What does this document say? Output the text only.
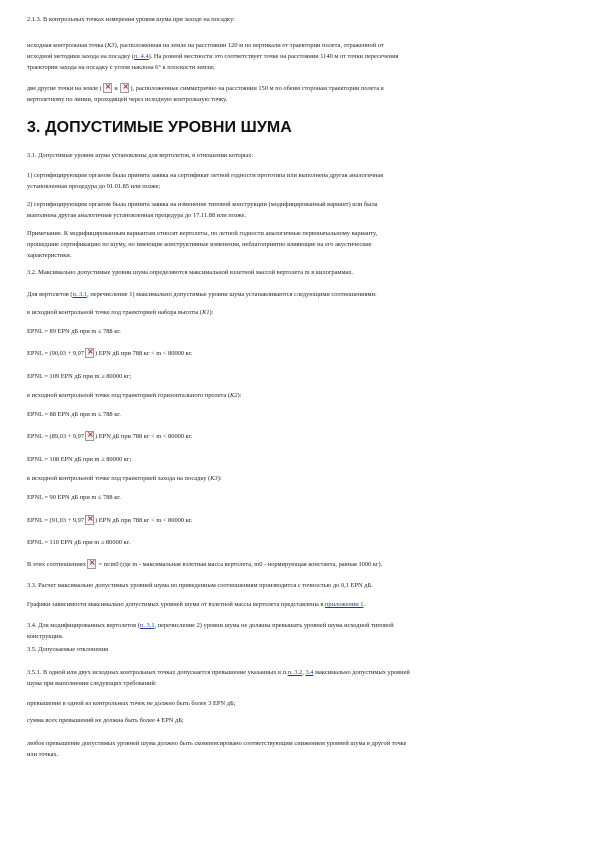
2.1.3. В контрольных точках измерения уровня шума при заходе на посадку:

исходная контрольная точка (К3), расположенная на земле на расстоянии 120 м по вертикали от траектории полета, отраженной от
исходной методики захода на посадку (п. 4.4). На ровной местности это соответствует точке на расстоянии 1140 м от точки пересечения
траектории захода на посадку с углом наклона 6° к плоскости земли;

две другие точки на земле (× и ×), расположенные симметрично на расстоянии 150 м по обеим сторонам траектории полета к
вертолетному по линии, проходящей через исходную контрольную точку.

3. ДОПУСТИМЫЕ УРОВНИ ШУМА

3.1. Допустимые уровни шума установлены для вертолетов, в отношении которых:

1) сертифицирующим органом была принята заявка на сертификат летной годности прототипа или выполнена другая аналогичная
установленная процедура до 01.01.85 или позже;

2) сертифицирующим органом была принята заявка на изменение типовой конструкции (модифицированный вариант) или была
выполнена другая аналогичная установленная процедура до 17.11.88 или позже.

Примечание. К модифицированным вариантам относят вертолеты, по летной годности аналогичные первоначальному варианту,
прошедшие сертификацию по шуму, но имеющие конструктивные изменения, неблагоприятно влияющие на его акустические
характеристики.

3.2. Максимально допустимые уровни шума определяются максимальной взлетной массой вертолета m в килограммах.

Для вертолетов (п. 3.1, перечисление 1) максимально допустимые уровни шума устанавливаются следующими соотношениями:

в исходной контрольной точке под траекторией набора высоты (К1):

EPNL = 89 EPN дБ при m ≤ 788 кг.

EPNL = (90,03 + 9,97 × ) EPN дБ при 788 кг < m < 80000 кг.

EPNL = 109 EPN дБ при m ≥ 80000 кг;

в исходной контрольной точке под траекторией горизонтального пролета (К2):

EPNL = 88 EPN дБ при m ≤ 788 кг.

EPNL = (89,03 + 9,97 × ) EPN дБ при 788 кг < m < 80000 кг.

EPNL = 108 EPN дБ при m ≥ 80000 кг;

в исходной контрольной точке под траекторией захода на посадку (К3):

EPNL = 90 EPN дБ при m ≤ 788 кг.

EPNL = (91,03 + 9,97 × ) EPN дБ при 788 кг < m < 80000 кг.

EPNL = 110 EPN дБ при m ≥ 80000 кг.

В этих соотношениях× = m/m0 (где m - максимальная взлетная масса вертолета, m0 - нормирующая константа, равная 1000 кг).

3.3. Расчет максимально допустимых уровней шума по приведенным соотношениям производится с точностью до 0,1 EPN дБ.

Графики зависимости максимально допустимых уровней шума от взлетной массы вертолета представлены в приложении 1.

3.4. Для модифицированных вертолетов (п. 3.1, перечисление 2) уровни шума не должны превышать уровней шума исходной типовой
конструкции.

3.5. Допускаемые отклонения

3.5.1. В одной или двух исходных контрольных точках допускается превышение указанных в п.п. 3.2, 3.4 максимально допустимых уровней
шума при выполнении следующих требований:

превышение в одной из контрольных точек не должно быть более 3 EPN дБ;

сумма всех превышений не должна быть более 4 EPN дБ;

любое превышение допустимых уровней шума должно быть скомпенсировано соответствующим снижением уровней шума в другой точке
или точках.
